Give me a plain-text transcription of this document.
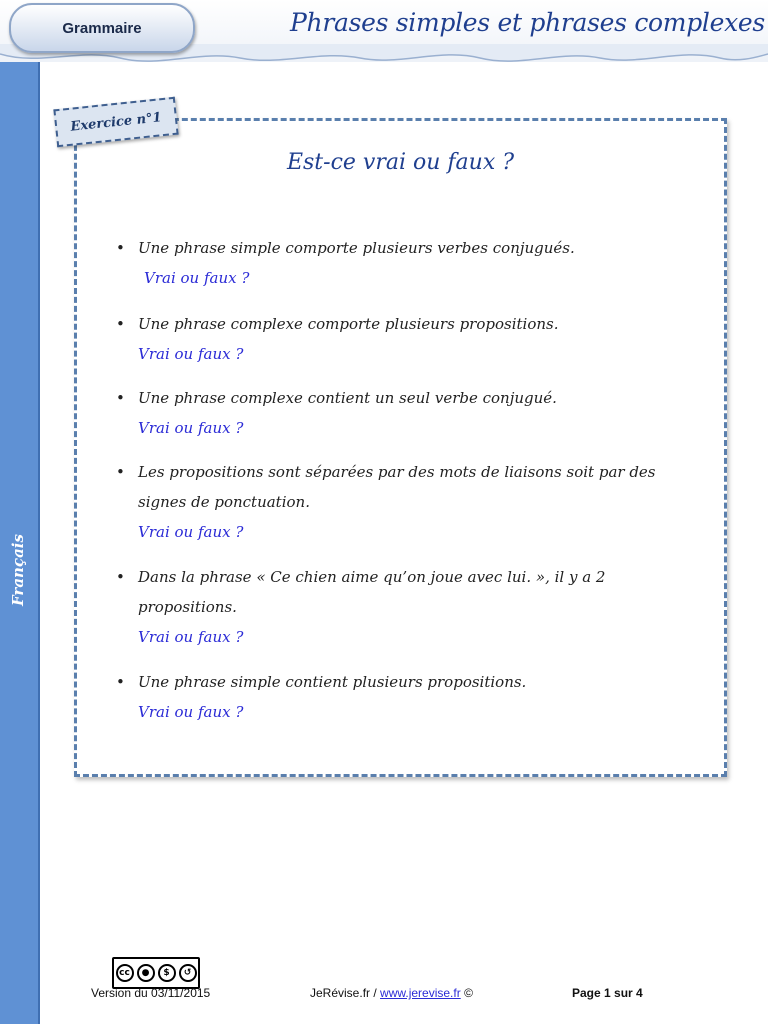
Grammaire	Phrases simples et phrases complexes
Français
Exercice n°1
Est-ce vrai ou faux ?
• Une phrase simple comporte plusieurs verbes conjugués.
Vrai ou faux ?
• Une phrase complexe comporte plusieurs propositions.
Vrai ou faux ?
• Une phrase complexe contient un seul verbe conjugué.
Vrai ou faux ?
• Les propositions sont séparées par des mots de liaisons soit par des signes de ponctuation.
Vrai ou faux ?
• Dans la phrase « Ce chien aime qu’on joue avec lui. », il y a 2 propositions.
Vrai ou faux ?
• Une phrase simple contient plusieurs propositions.
Vrai ou faux ?
cc	●	$	↺
Version du 03/11/2015	JeRévise.fr / www.jerevise.fr ©	Page 1 sur 4
